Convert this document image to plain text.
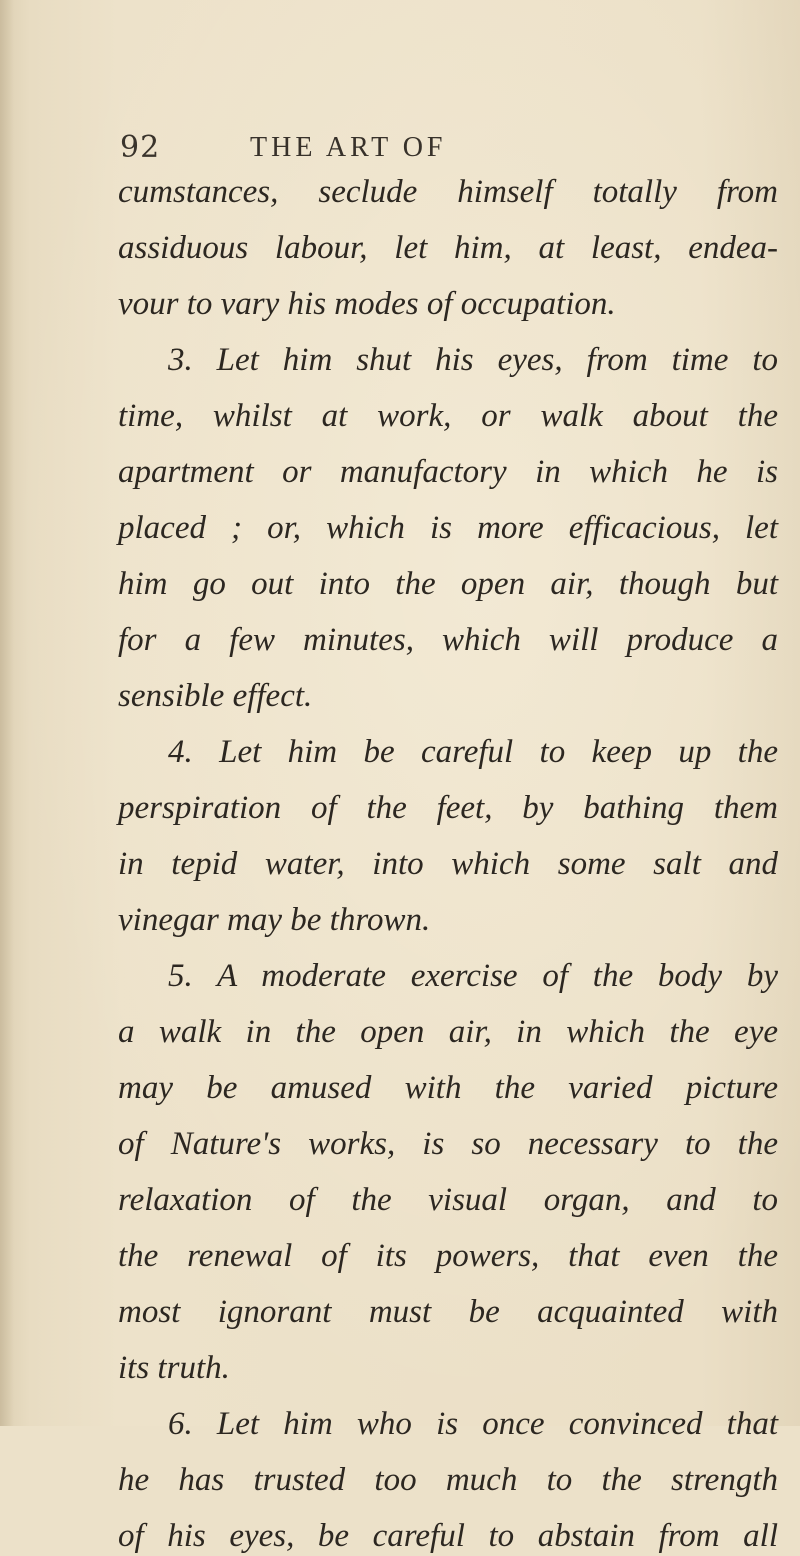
92	THE ART OF
cumstances, seclude himself totally from
assiduous labour, let him, at least, endea-
vour to vary his modes of occupation.
3. Let him shut his eyes, from time to
time, whilst at work, or walk about the
apartment or manufactory in which he is
placed ; or, which is more efficacious, let
him go out into the open air, though but
for a few minutes, which will produce a
sensible effect.
4. Let him be careful to keep up the
perspiration of the feet, by bathing them
in tepid water, into which some salt and
vinegar may be thrown.
5. A moderate exercise of the body by
a walk in the open air, in which the eye
may be amused with the varied picture
of Nature's works, is so necessary to the
relaxation of the visual organ, and to
the renewal of its powers, that even the
most ignorant must be acquainted with
its truth.
6. Let him who is once convinced that
he has trusted too much to the strength
of his eyes, be careful to abstain from all
